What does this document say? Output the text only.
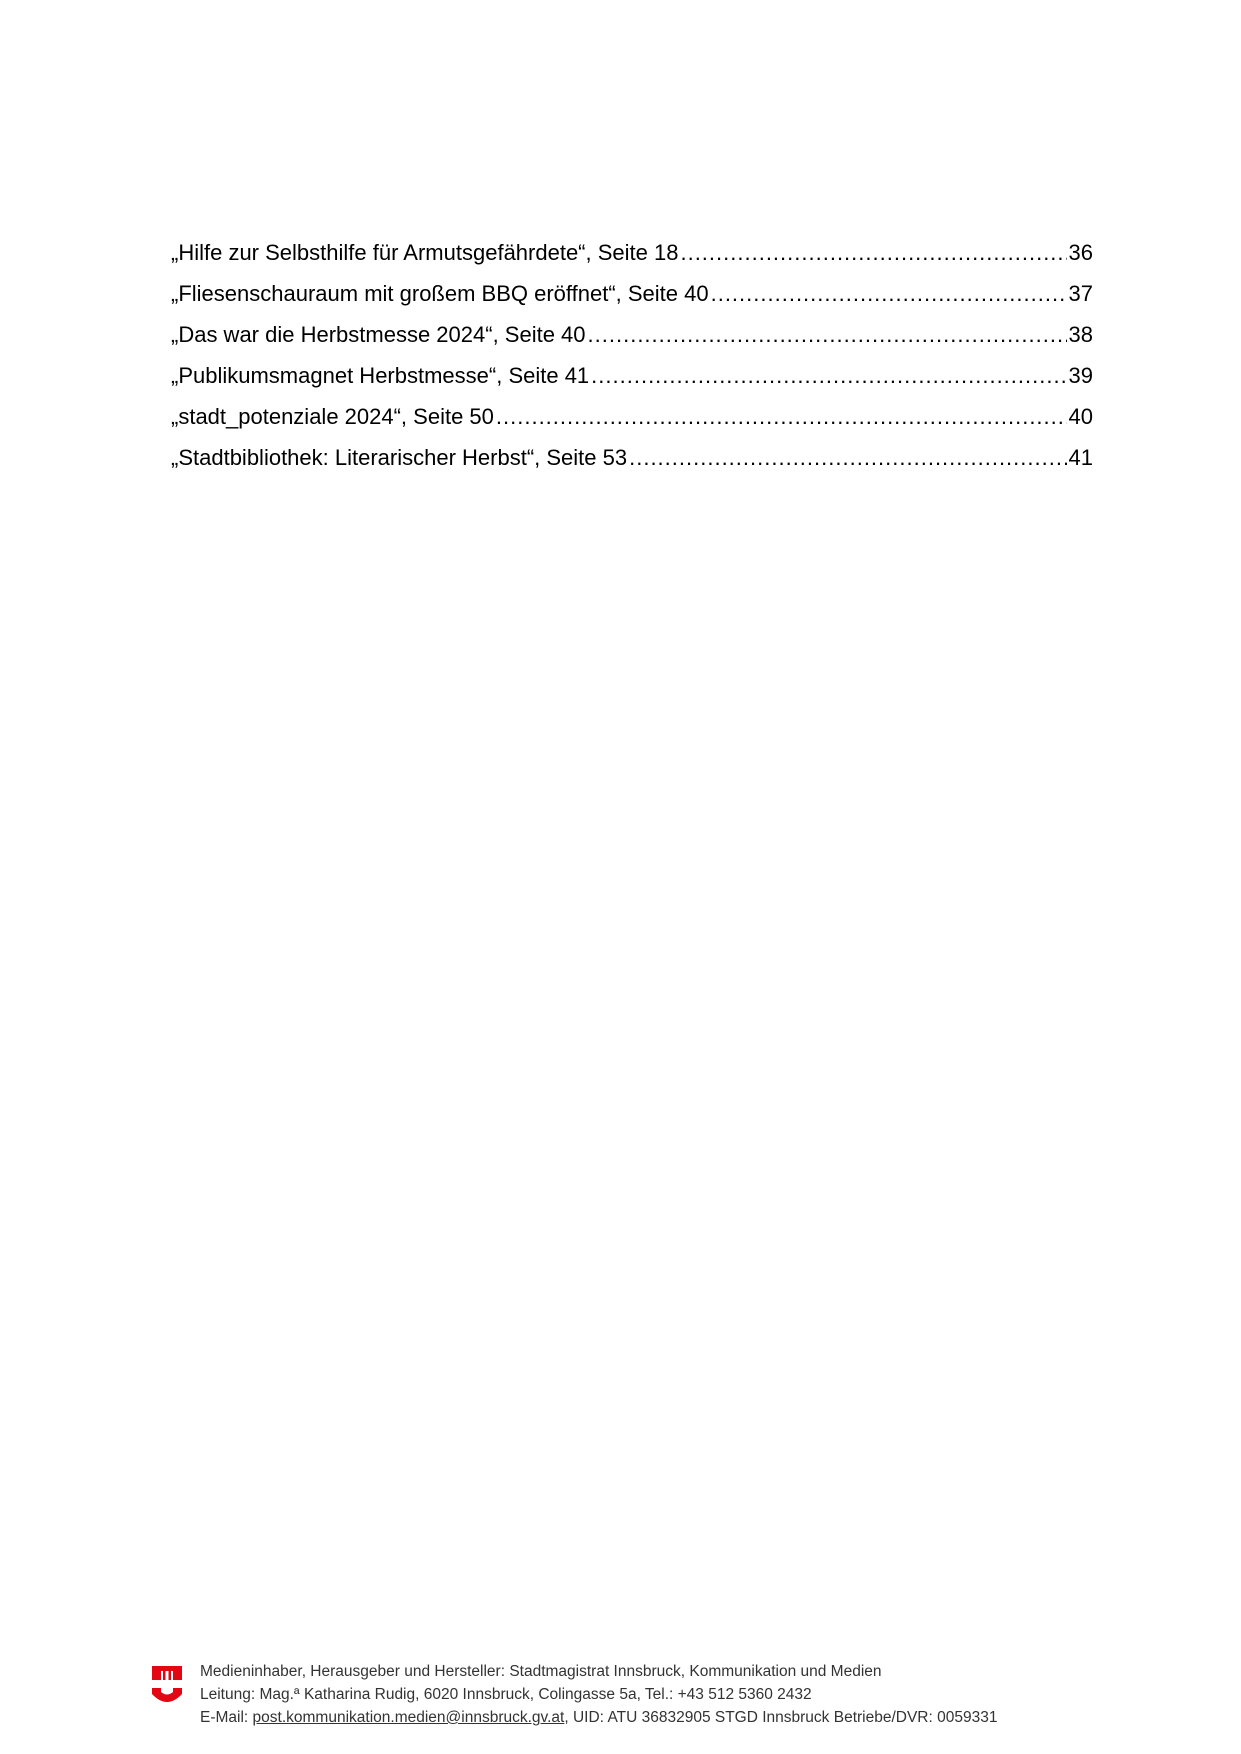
„Hilfe zur Selbsthilfe für Armutsgefährdete“, Seite 18 .....	36
„Fliesenschauraum mit großem BBQ eröffnet“, Seite 40 .....	37
„Das war die Herbstmesse 2024“, Seite 40 .....	38
„Publikumsmagnet Herbstmesse“, Seite 41 .....	39
„stadt_potenziale 2024“, Seite 50 .....	40
„Stadtbibliothek: Literarischer Herbst“, Seite 53 .....	41
Medieninhaber, Herausgeber und Hersteller: Stadtmagistrat Innsbruck, Kommunikation und Medien
Leitung: Mag.ª Katharina Rudig, 6020 Innsbruck, Colingasse 5a, Tel.: +43 512 5360 2432
E-Mail: post.kommunikation.medien@innsbruck.gv.at, UID: ATU 36832905 STGD Innsbruck Betriebe/DVR: 0059331
